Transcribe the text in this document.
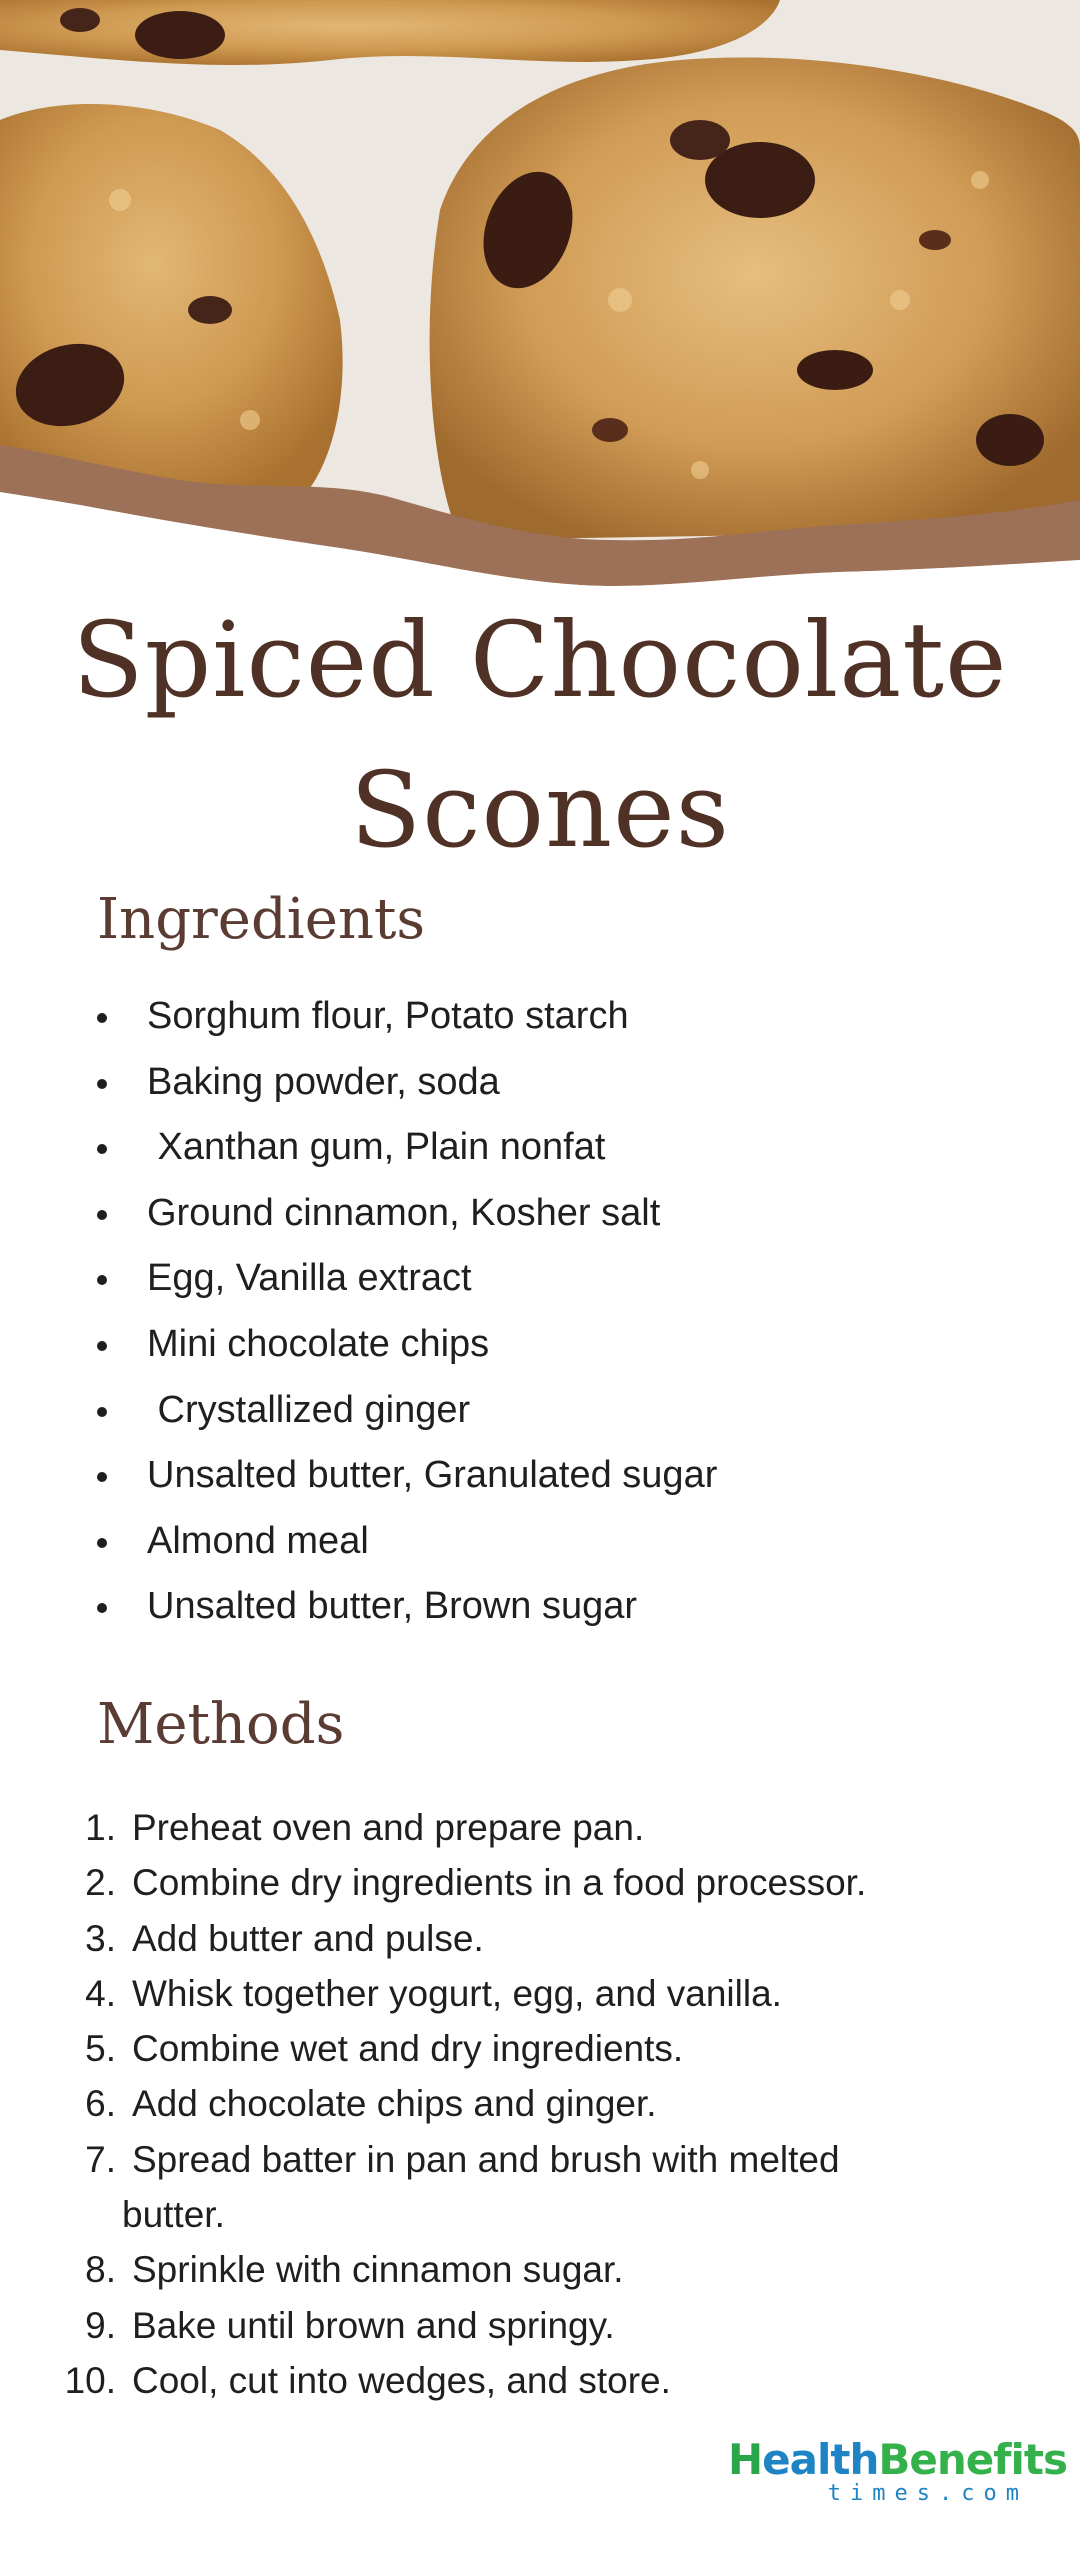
Spiced Chocolate
Scones
Ingredients
Sorghum flour, Potato starch
Baking powder, soda
Xanthan gum, Plain nonfat
Ground cinnamon, Kosher salt
Egg, Vanilla extract
Mini chocolate chips
Crystallized ginger
Unsalted butter, Granulated sugar
Almond meal
Unsalted butter, Brown sugar
Methods
1. Preheat oven and prepare pan.
2. Combine dry ingredients in a food processor.
3. Add butter and pulse.
4. Whisk together yogurt, egg, and vanilla.
5. Combine wet and dry ingredients.
6. Add chocolate chips and ginger.
7. Spread batter in pan and brush with melted
butter.
8. Sprinkle with cinnamon sugar.
9. Bake until brown and springy.
10. Cool, cut into wedges, and store.
HealthBenefits
times.com
